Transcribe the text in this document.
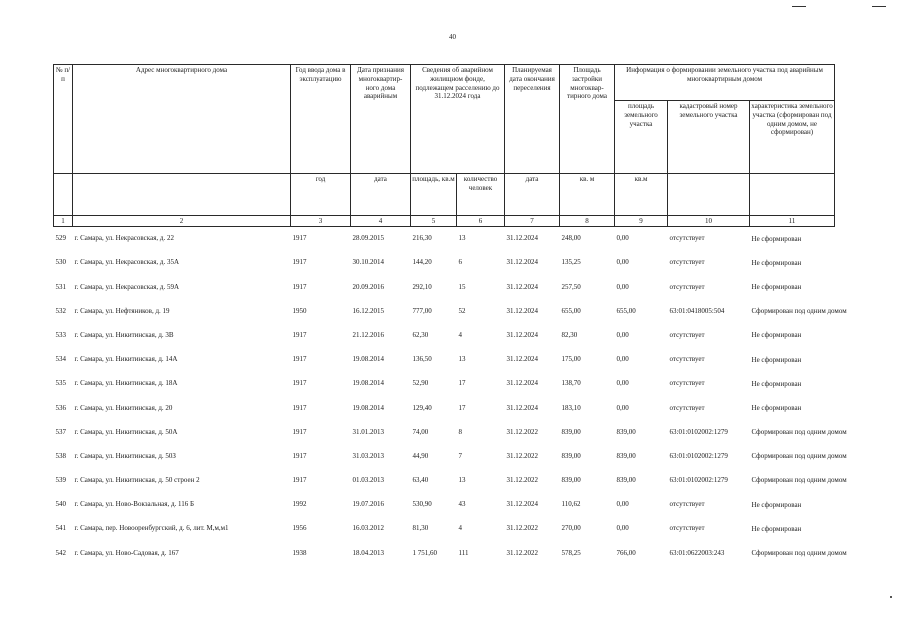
40
№ п/п	Адрес многоквартирного дома	Год ввода дома в эксплуатацию	Дата признания многоквартир-ного дома аварийным	Сведения об аварийном жилищном фонде, подлежащем расселению до 31.12.2024 года		Планируемая дата окончания переселения	Площадь застройки многоквар-тирного дома	Информация о формировании земельного участка под аварийным многоквартирным домом		
								площадь земельного участка	кадастровый номер земельного участка	характеристика земельного участка (сформирован под одним домом, не сформирован)
		год	дата	площадь, кв.м	количество человек	дата	кв. м	кв.м		
1	2	3	4	5	6	7	8	9	10	11
529	г. Самара, ул. Некрасовская, д. 22	1917	28.09.2015	216,30	13	31.12.2024	248,00	0,00	отсутствует	Не сформирован
530	г. Самара, ул. Некрасовская, д. 35А	1917	30.10.2014	144,20	6	31.12.2024	135,25	0,00	отсутствует	Не сформирован
531	г. Самара, ул. Некрасовская, д. 59А	1917	20.09.2016	292,10	15	31.12.2024	257,50	0,00	отсутствует	Не сформирован
532	г. Самара, ул. Нефтяников, д. 19	1950	16.12.2015	777,00	52	31.12.2024	655,00	655,00	63:01:0418005:504	Сформирован под одним домом
533	г. Самара, ул. Никитинская, д. 3В	1917	21.12.2016	62,30	4	31.12.2024	82,30	0,00	отсутствует	Не сформирован
534	г. Самара, ул. Никитинская, д. 14А	1917	19.08.2014	136,50	13	31.12.2024	175,00	0,00	отсутствует	Не сформирован
535	г. Самара, ул. Никитинская, д. 18А	1917	19.08.2014	52,90	17	31.12.2024	138,70	0,00	отсутствует	Не сформирован
536	г. Самара, ул. Никитинская, д. 20	1917	19.08.2014	129,40	17	31.12.2024	183,10	0,00	отсутствует	Не сформирован
537	г. Самара, ул. Никитинская, д. 50А	1917	31.01.2013	74,00	8	31.12.2022	839,00	839,00	63:01:0102002:1279	Сформирован под одним домом
538	г. Самара, ул. Никитинская, д. 50З	1917	31.03.2013	44,90	7	31.12.2022	839,00	839,00	63:01:0102002:1279	Сформирован под одним домом
539	г. Самара, ул. Никитинская, д. 50 строен 2	1917	01.03.2013	63,40	13	31.12.2022	839,00	839,00	63:01:0102002:1279	Сформирован под одним домом
540	г. Самара, ул. Ново-Вокзальная, д. 116 Б	1992	19.07.2016	530,90	43	31.12.2024	110,62	0,00	отсутствует	Не сформирован
541	г. Самара, пер. Новооренбургский, д. 6, лит. М,м,м1	1956	16.03.2012	81,30	4	31.12.2022	270,00	0,00	отсутствует	Не сформирован
542	г. Самара, ул. Ново-Садовая, д. 167	1938	18.04.2013	1 751,60	111	31.12.2022	578,25	766,00	63:01:0622003:243	Сформирован под одним домом
